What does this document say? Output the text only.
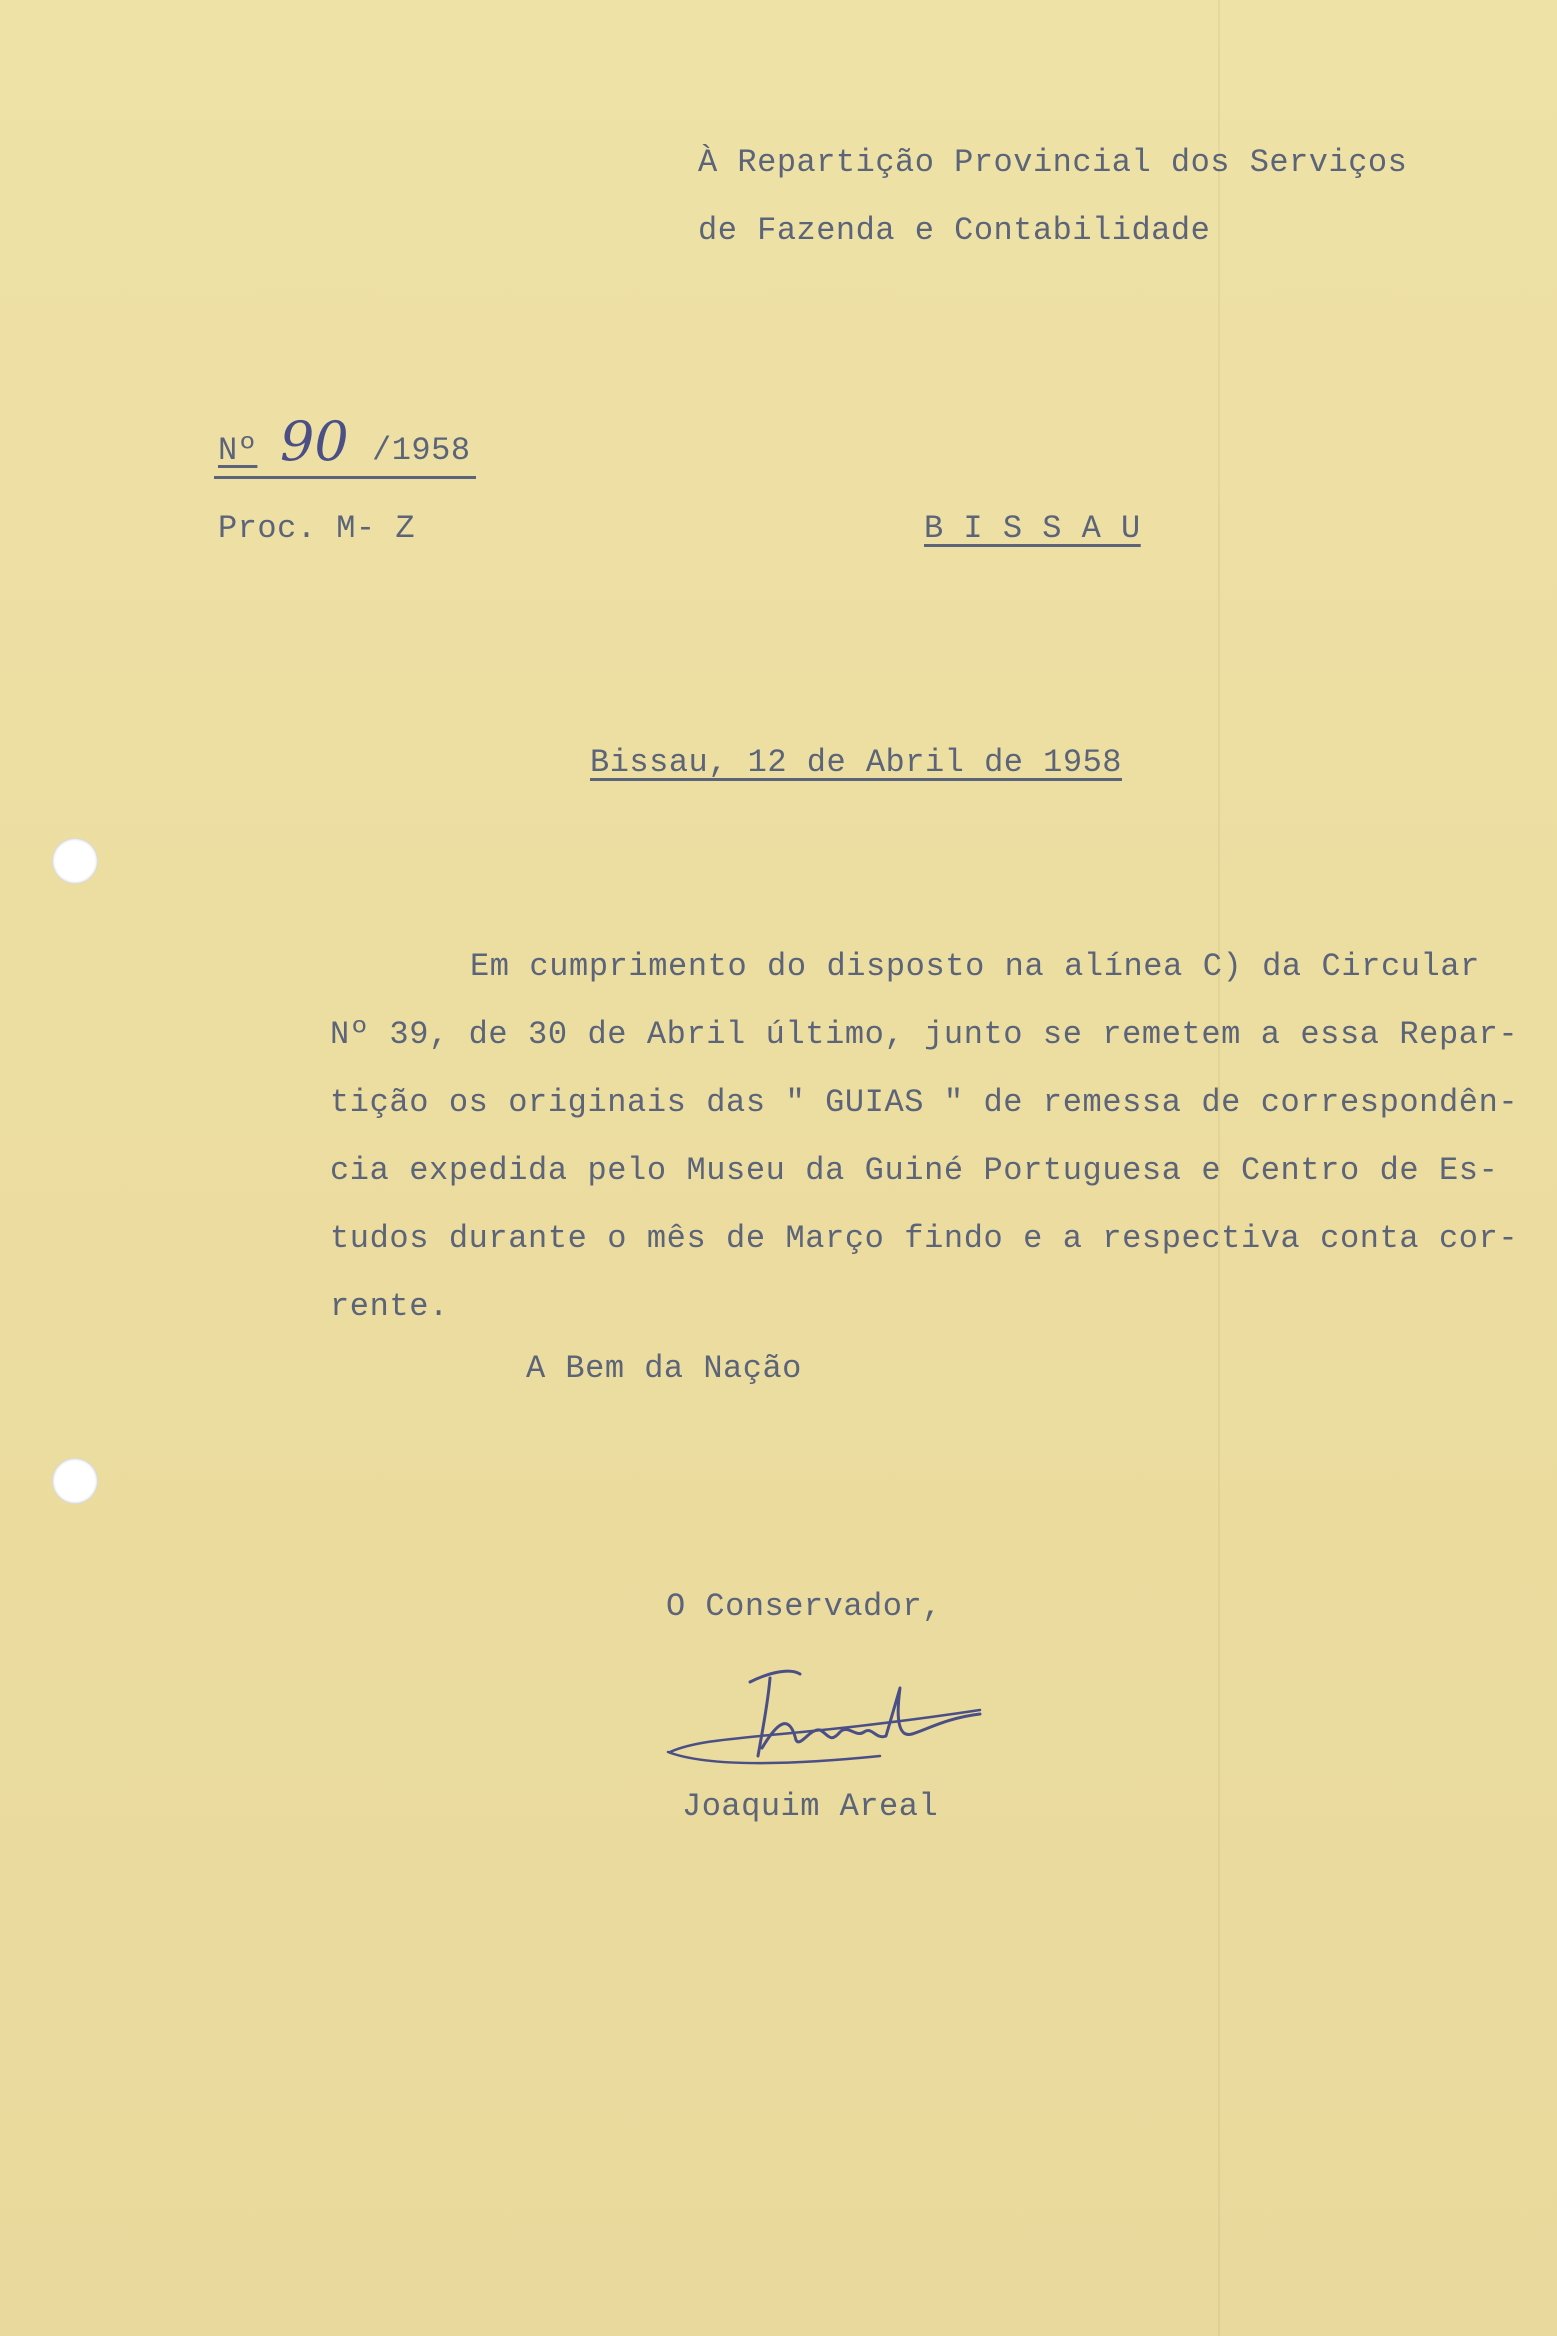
À Repartição Provincial dos Serviços
de Fazenda e Contabilidade
Nº 90 /1958
Proc. M- Z	B I S S A U
Bissau, 12 de Abril de 1958
Em cumprimento do disposto na alínea C) da Circular
Nº 39, de 30 de Abril último, junto se remetem a essa Repar-
tição os originais das " GUIAS " de remessa de correspondên-
cia expedida pelo Museu da Guiné Portuguesa e Centro de Es-
tudos durante o mês de Março findo e a respectiva conta cor-
rente.
A Bem da Nação
O Conservador,
Joaquim Areal
